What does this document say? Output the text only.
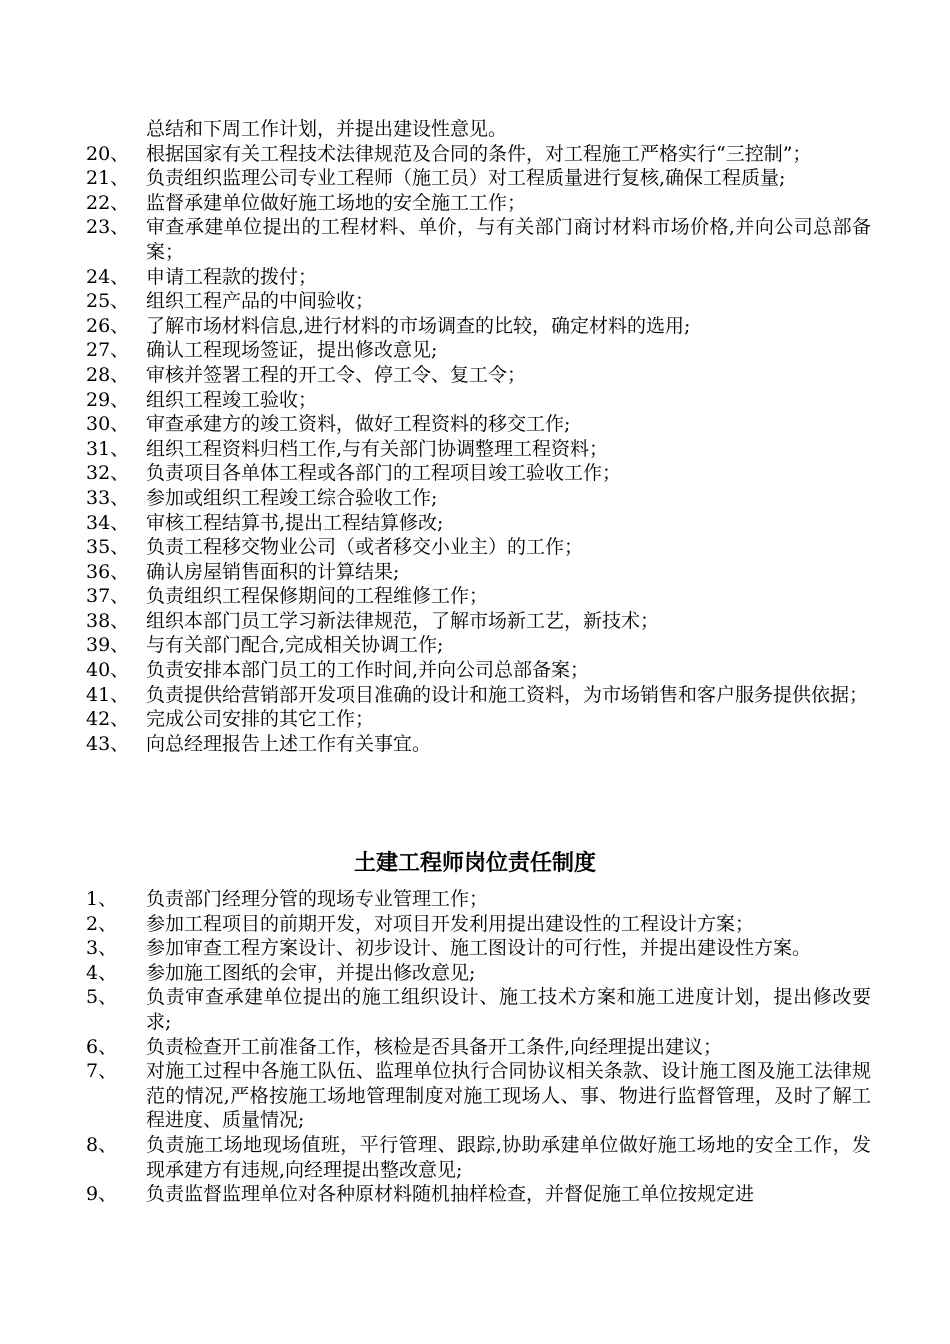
总结和下周工作计划，并提出建设性意见。
20、 根据国家有关工程技术法律规范及合同的条件，对工程施工严格实行“三控制”；
21、 负责组织监理公司专业工程师（施工员）对工程质量进行复核,确保工程质量;
22、 监督承建单位做好施工场地的安全施工工作；
23、 审查承建单位提出的工程材料、单价，与有关部门商讨材料市场价格,并向公司总部备案；
24、 申请工程款的拨付；
25、 组织工程产品的中间验收；
26、 了解市场材料信息,进行材料的市场调查的比较，确定材料的选用;
27、 确认工程现场签证，提出修改意见;
28、 审核并签署工程的开工令、停工令、复工令；
29、 组织工程竣工验收；
30、 审查承建方的竣工资料，做好工程资料的移交工作;
31、 组织工程资料归档工作,与有关部门协调整理工程资料；
32、 负责项目各单体工程或各部门的工程项目竣工验收工作；
33、 参加或组织工程竣工综合验收工作;
34、 审核工程结算书,提出工程结算修改;
35、 负责工程移交物业公司（或者移交小业主）的工作；
36、 确认房屋销售面积的计算结果;
37、 负责组织工程保修期间的工程维修工作；
38、 组织本部门员工学习新法律规范，了解市场新工艺，新技术；
39、 与有关部门配合,完成相关协调工作;
40、 负责安排本部门员工的工作时间,并向公司总部备案；
41、 负责提供给营销部开发项目准确的设计和施工资料，为市场销售和客户服务提供依据；
42、 完成公司安排的其它工作；
43、 向总经理报告上述工作有关事宜。
土建工程师岗位责任制度
1、	负责部门经理分管的现场专业管理工作；
2、	参加工程项目的前期开发，对项目开发利用提出建设性的工程设计方案；
3、	参加审查工程方案设计、初步设计、施工图设计的可行性，并提出建设性方案。
4、	参加施工图纸的会审，并提出修改意见;
5、	负责审查承建单位提出的施工组织设计、施工技术方案和施工进度计划，提出修改要求;
6、	负责检查开工前准备工作，核检是否具备开工条件,向经理提出建议；
7、	对施工过程中各施工队伍、监理单位执行合同协议相关条款、设计施工图及施工法律规范的情况,严格按施工场地管理制度对施工现场人、事、物进行监督管理，及时了解工程进度、质量情况;
8、	负责施工场地现场值班，平行管理、跟踪,协助承建单位做好施工场地的安全工作，发现承建方有违规,向经理提出整改意见;
9、	负责监督监理单位对各种原材料随机抽样检查，并督促施工单位按规定进
